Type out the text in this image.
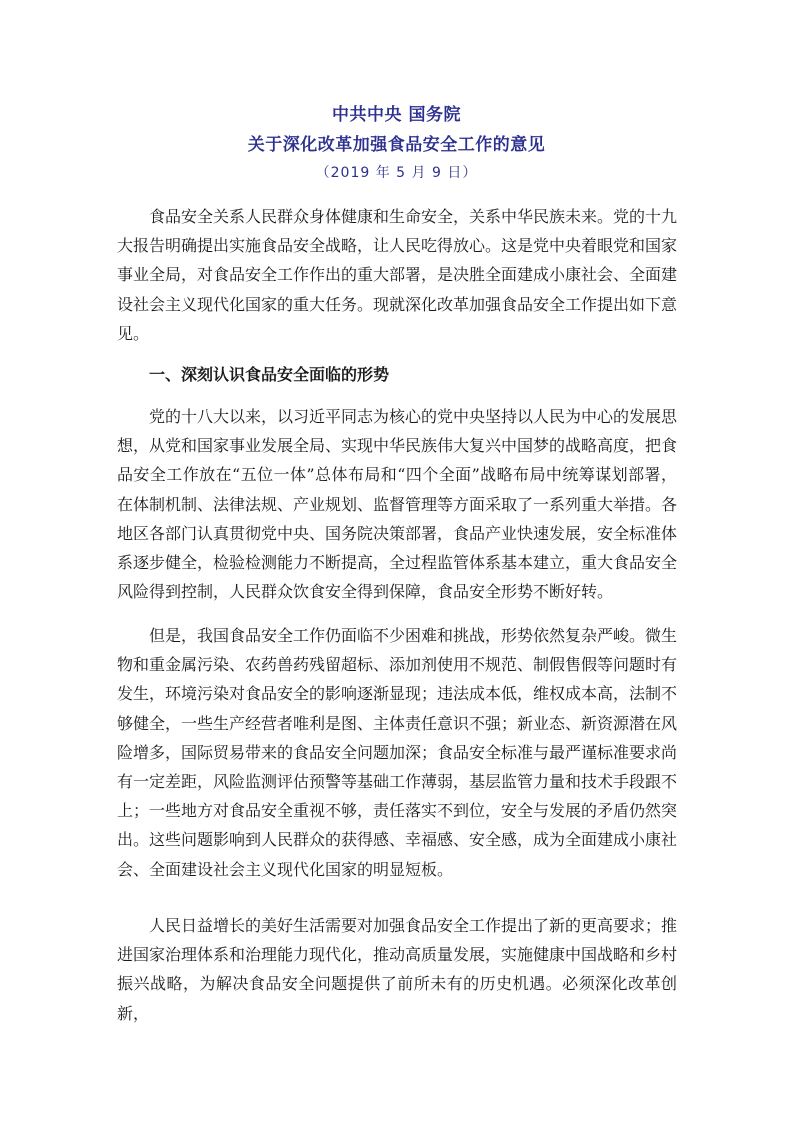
中共中央 国务院
关于深化改革加强食品安全工作的意见
（2019 年 5 月 9 日）

食品安全关系人民群众身体健康和生命安全，关系中华民族未来。党的十九大报告明确提出实施食品安全战略，让人民吃得放心。这是党中央着眼党和国家事业全局，对食品安全工作作出的重大部署，是决胜全面建成小康社会、全面建设社会主义现代化国家的重大任务。现就深化改革加强食品安全工作提出如下意见。

一、深刻认识食品安全面临的形势

党的十八大以来，以习近平同志为核心的党中央坚持以人民为中心的发展思想，从党和国家事业发展全局、实现中华民族伟大复兴中国梦的战略高度，把食品安全工作放在“五位一体”总体布局和“四个全面”战略布局中统筹谋划部署，在体制机制、法律法规、产业规划、监督管理等方面采取了一系列重大举措。各地区各部门认真贯彻党中央、国务院决策部署，食品产业快速发展，安全标准体系逐步健全，检验检测能力不断提高，全过程监管体系基本建立，重大食品安全风险得到控制，人民群众饮食安全得到保障，食品安全形势不断好转。

但是，我国食品安全工作仍面临不少困难和挑战，形势依然复杂严峻。微生物和重金属污染、农药兽药残留超标、添加剂使用不规范、制假售假等问题时有发生，环境污染对食品安全的影响逐渐显现；违法成本低，维权成本高，法制不够健全，一些生产经营者唯利是图、主体责任意识不强；新业态、新资源潜在风险增多，国际贸易带来的食品安全问题加深；食品安全标准与最严谨标准要求尚有一定差距，风险监测评估预警等基础工作薄弱，基层监管力量和技术手段跟不上；一些地方对食品安全重视不够，责任落实不到位，安全与发展的矛盾仍然突出。这些问题影响到人民群众的获得感、幸福感、安全感，成为全面建成小康社会、全面建设社会主义现代化国家的明显短板。

人民日益增长的美好生活需要对加强食品安全工作提出了新的更高要求；推进国家治理体系和治理能力现代化，推动高质量发展，实施健康中国战略和乡村振兴战略，为解决食品安全问题提供了前所未有的历史机遇。必须深化改革创新，
